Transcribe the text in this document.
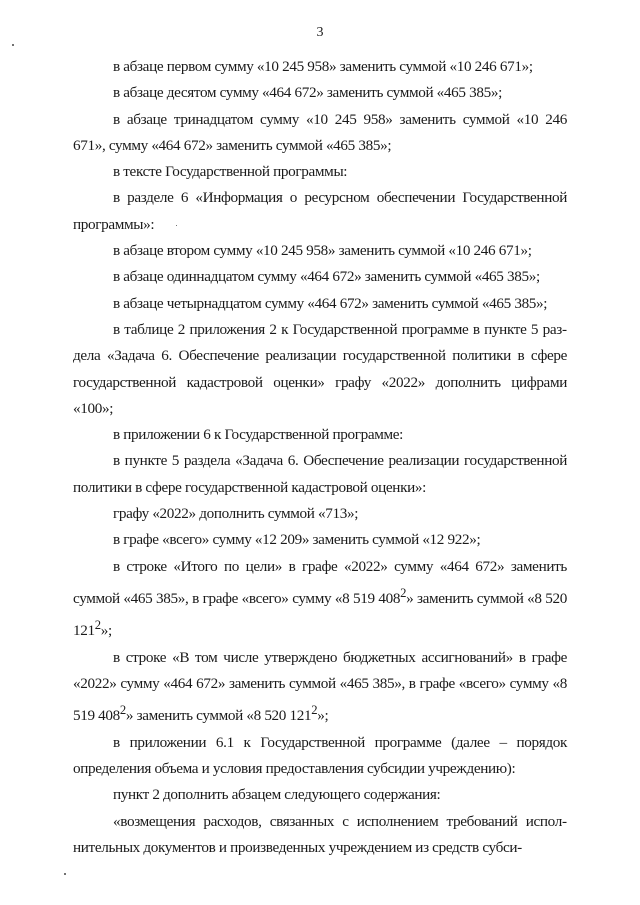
3

в абзаце первом сумму «10 245 958» заменить суммой «10 246 671»;

в абзаце десятом сумму «464 672» заменить суммой «465 385»;

в абзаце тринадцатом сумму «10 245 958» заменить суммой «10 246 671», сумму «464 672» заменить суммой «465 385»;

в тексте Государственной программы:

в разделе 6 «Информация о ресурсном обеспечении Государственной программы»:

в абзаце втором сумму «10 245 958» заменить суммой «10 246 671»;

в абзаце одиннадцатом сумму «464 672» заменить суммой «465 385»;

в абзаце четырнадцатом сумму «464 672» заменить суммой «465 385»;

в таблице 2 приложения 2 к Государственной программе в пункте 5 раздела «Задача 6. Обеспечение реализации государственной политики в сфере государственной кадастровой оценки» графу «2022» дополнить цифрами «100»;

в приложении 6 к Государственной программе:

в пункте 5 раздела «Задача 6. Обеспечение реализации государственной политики в сфере государственной кадастровой оценки»:

графу «2022» дополнить суммой «713»;

в графе «всего» сумму «12 209» заменить суммой «12 922»;

в строке «Итого по цели» в графе «2022» сумму «464 672» заменить суммой «465 385», в графе «всего» сумму «8 519 $408^2$» заменить суммой «8 520 $121^2$»;

в строке «В том числе утверждено бюджетных ассигнований» в графе «2022» сумму «464 672» заменить суммой «465 385», в графе «всего» сумму «8 519 $408^2$» заменить суммой «8 520 $121^2$»;

в приложении 6.1 к Государственной программе (далее – порядок определения объема и условия предоставления субсидии учреждению):

пункт 2 дополнить абзацем следующего содержания:

«возмещения расходов, связанных с исполнением требований исполнительных документов и произведенных учреждением из средств субси-
